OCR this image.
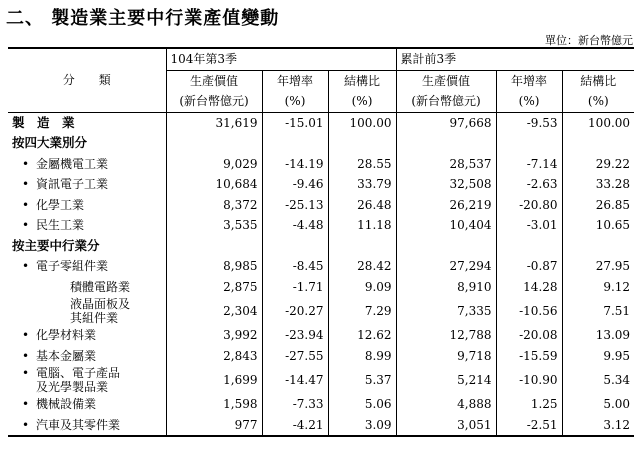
二、 製造業主要中行業產值變動
單位：新台幣億元
分　　類	104年第3季			累計前3季		
	生產價值	年增率	結構比	生產價值	年增率	結構比
	(新台幣億元)	(%)	(%)	(新台幣億元)	(%)	(%)
製　造　業	31,619	-15.01	100.00	97,668	-9.53	100.00
按四大業別分						
• 金屬機電工業	9,029	-14.19	28.55	28,537	-7.14	29.22
• 資訊電子工業	10,684	-9.46	33.79	32,508	-2.63	33.28
• 化學工業	8,372	-25.13	26.48	26,219	-20.80	26.85
• 民生工業	3,535	-4.48	11.18	10,404	-3.01	10.65
按主要中行業分						
• 電子零組件業	8,985	-8.45	28.42	27,294	-0.87	27.95
積體電路業	2,875	-1.71	9.09	8,910	14.28	9.12
液晶面板及
其組件業	2,304	-20.27	7.29	7,335	-10.56	7.51
• 化學材料業	3,992	-23.94	12.62	12,788	-20.08	13.09
• 基本金屬業	2,843	-27.55	8.99	9,718	-15.59	9.95
• 電腦、電子產品
及光學製品業	1,699	-14.47	5.37	5,214	-10.90	5.34
• 機械設備業	1,598	-7.33	5.06	4,888	1.25	5.00
• 汽車及其零件業	977	-4.21	3.09	3,051	-2.51	3.12
